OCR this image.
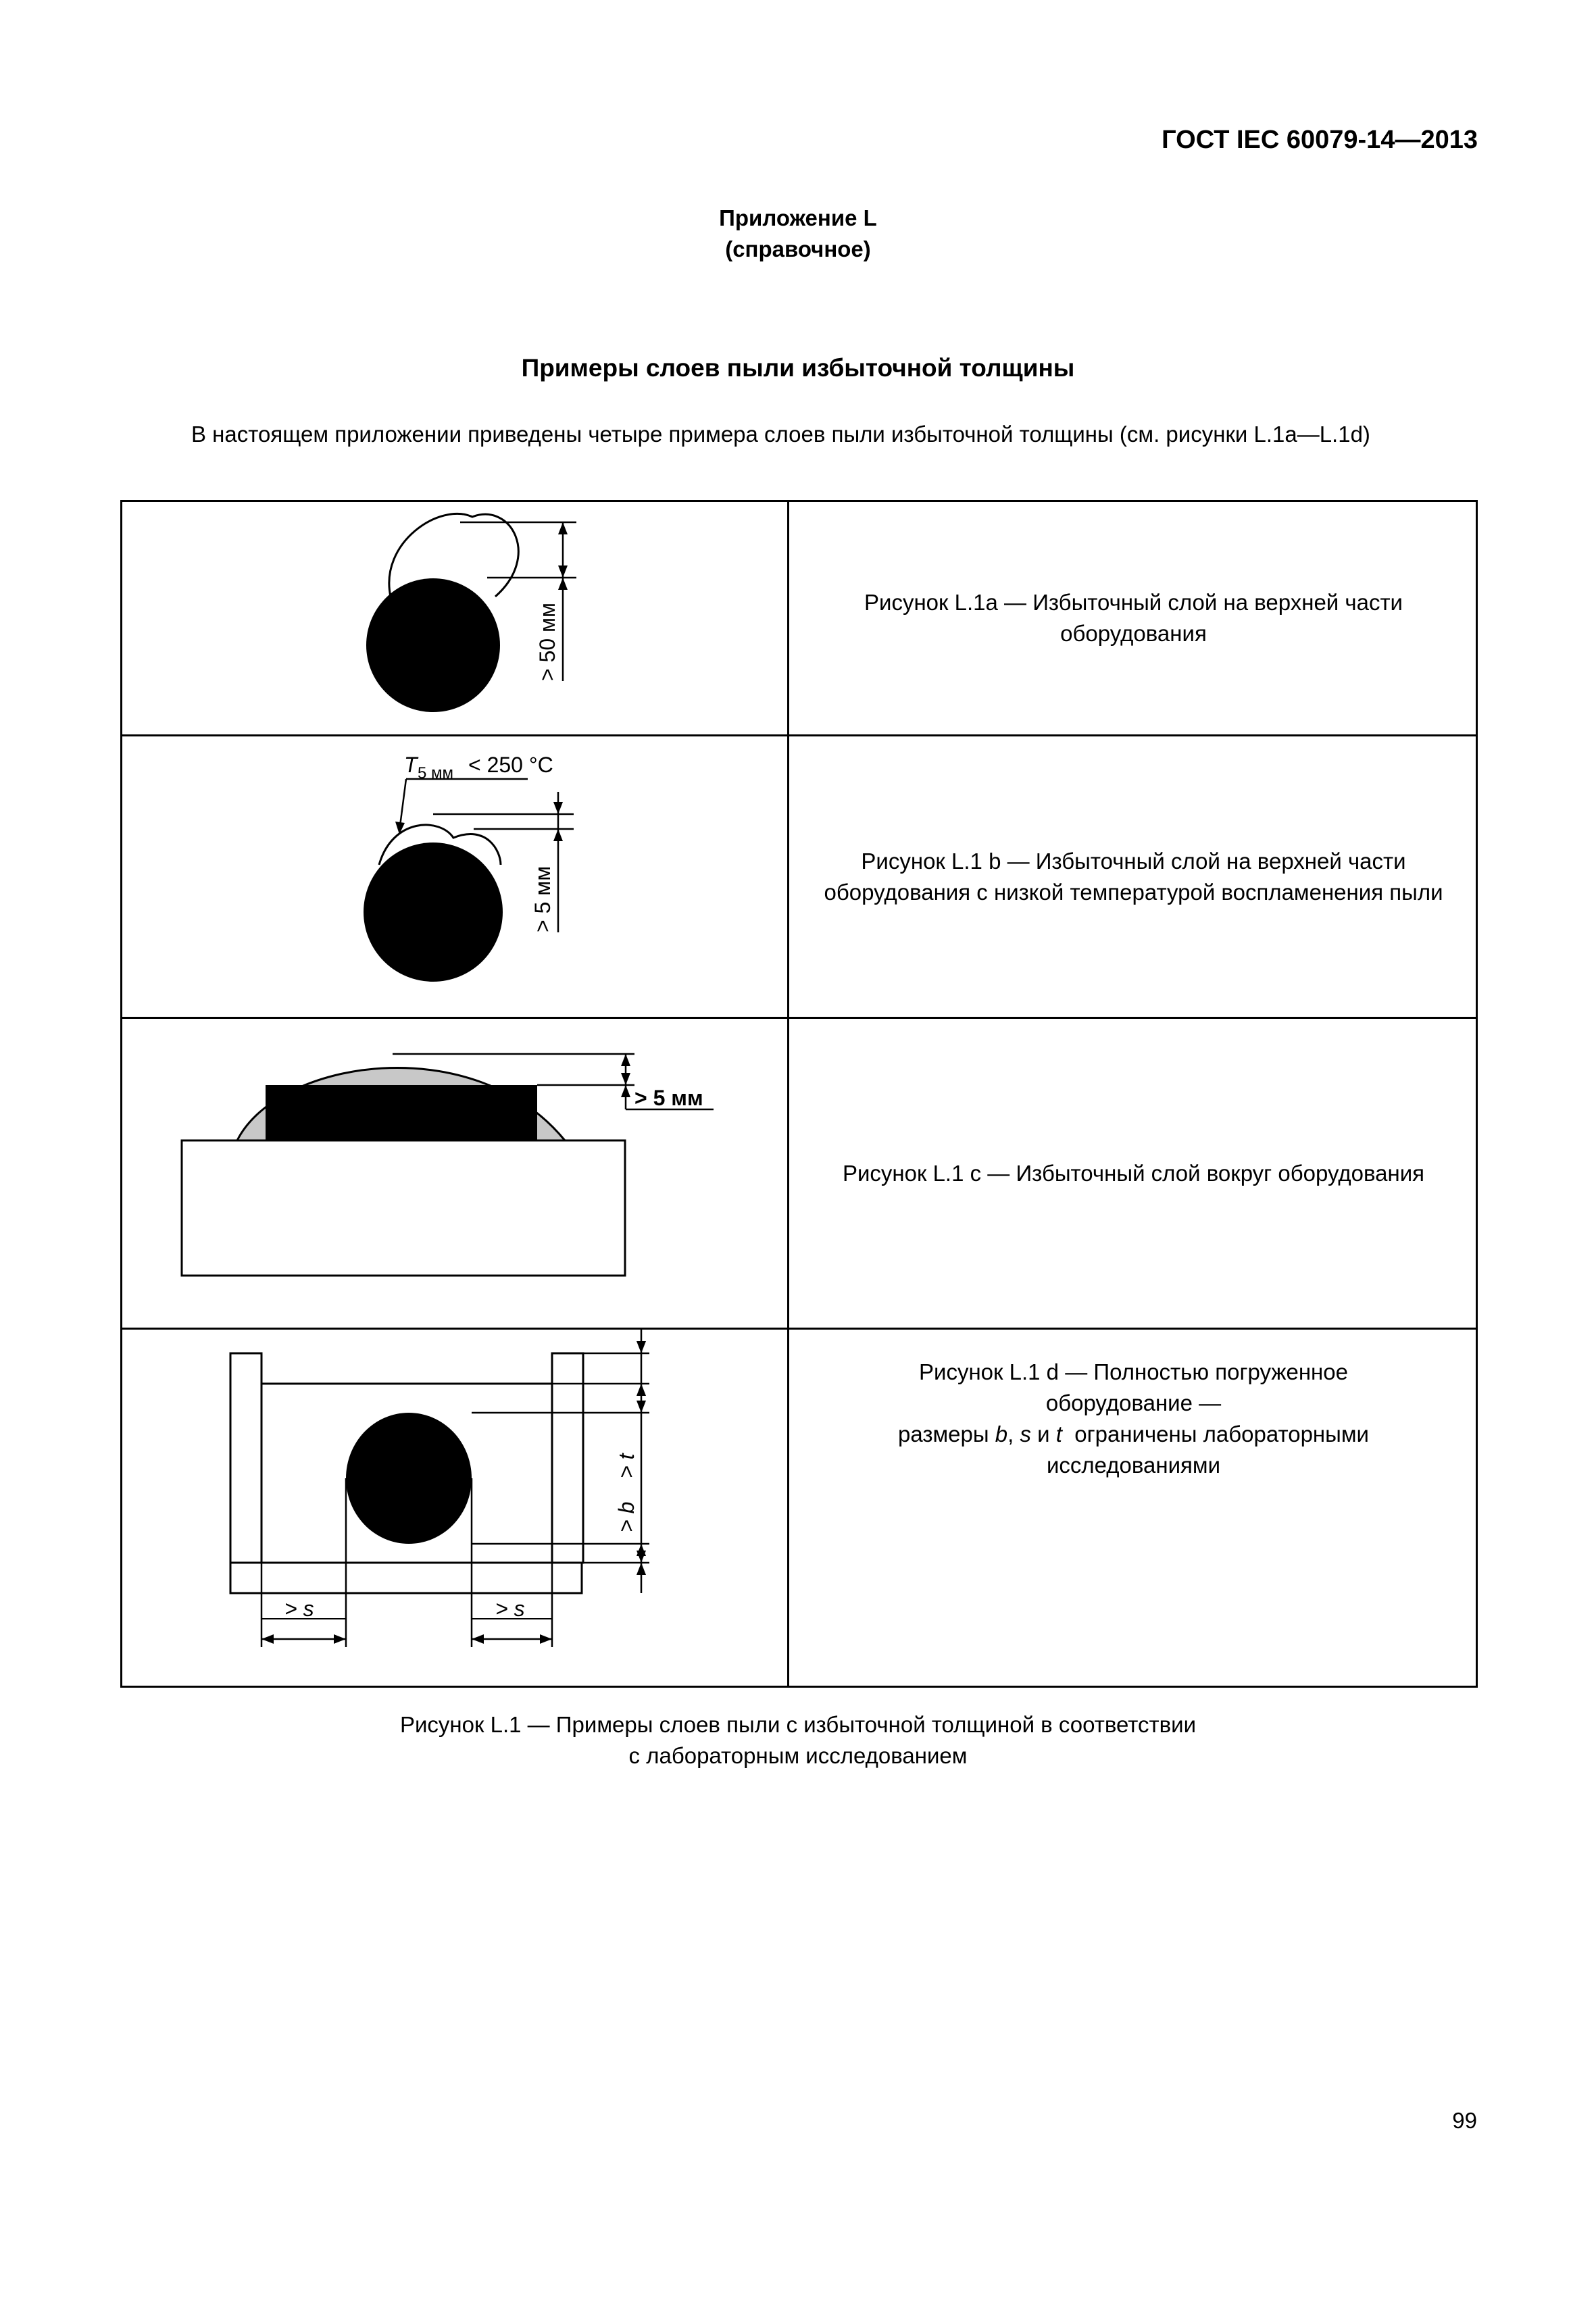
ГОСТ IEC 60079-14—2013
Приложение L
(справочное)
Примеры слоев пыли избыточной толщины
В настоящем приложении приведены четыре примера слоев пыли избыточной толщины (см. рисунки L.1а—L.1d)
> 50 мм
Рисунок L.1а — Избыточный слой на верхней части оборудования
T 5 мм < 250 °С
> 5 мм
Рисунок L.1 b — Избыточный слой на верхней части оборудования с низкой температурой воспламенения пыли
> 5 мм
Рисунок L.1 с — Избыточный слой вокруг оборудования
> s	> s
> b
> t
Рисунок L.1 d — Полностью погруженное
оборудование —
размеры b, s и t  ограничены лабораторными
исследованиями
Рисунок L.1 — Примеры слоев пыли с избыточной толщиной в соответствии
с лабораторным исследованием
99
